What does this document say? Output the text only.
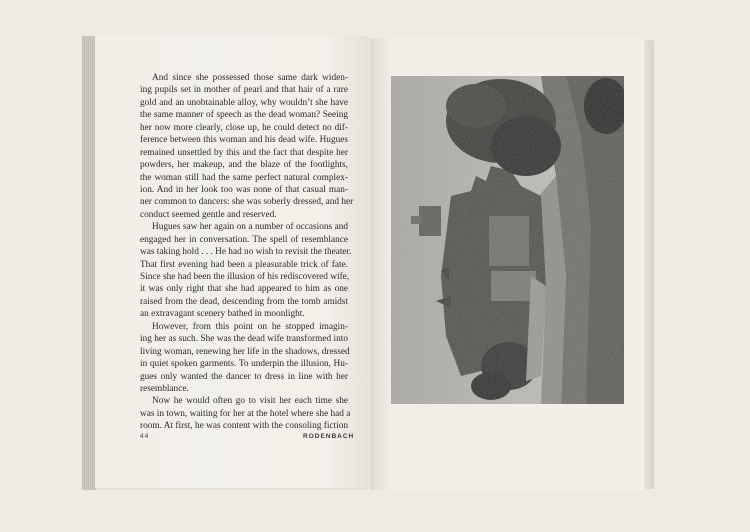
And since she possessed those same dark widen-
ing pupils set in mother of pearl and that hair of a rare
gold and an unobtainable alloy, why wouldn’t she have
the same manner of speech as the dead woman? Seeing
her now more clearly, close up, he could detect no dif-
ference between this woman and his dead wife. Hugues
remained unsettled by this and the fact that despite her
powders, her makeup, and the blaze of the footlights,
the woman still had the same perfect natural complex-
ion. And in her look too was none of that casual man-
ner common to dancers: she was soberly dressed, and her
conduct seemed gentle and reserved.
Hugues saw her again on a number of occasions and
engaged her in conversation. The spell of resemblance
was taking hold . . . He had no wish to revisit the theater.
That first evening had been a pleasurable trick of fate.
Since she had been the illusion of his rediscovered wife,
it was only right that she had appeared to him as one
raised from the dead, descending from the tomb amidst
an extravagant scenery bathed in moonlight.
However, from this point on he stopped imagin-
ing her as such. She was the dead wife transformed into
living woman, renewing her life in the shadows, dressed
in quiet spoken garments. To underpin the illusion, Hu-
gues only wanted the dancer to dress in line with her
resemblance.
Now he would often go to visit her each time she
was in town, waiting for her at the hotel where she had a
room. At first, he was content with the consoling fiction
44	RODENBACH
